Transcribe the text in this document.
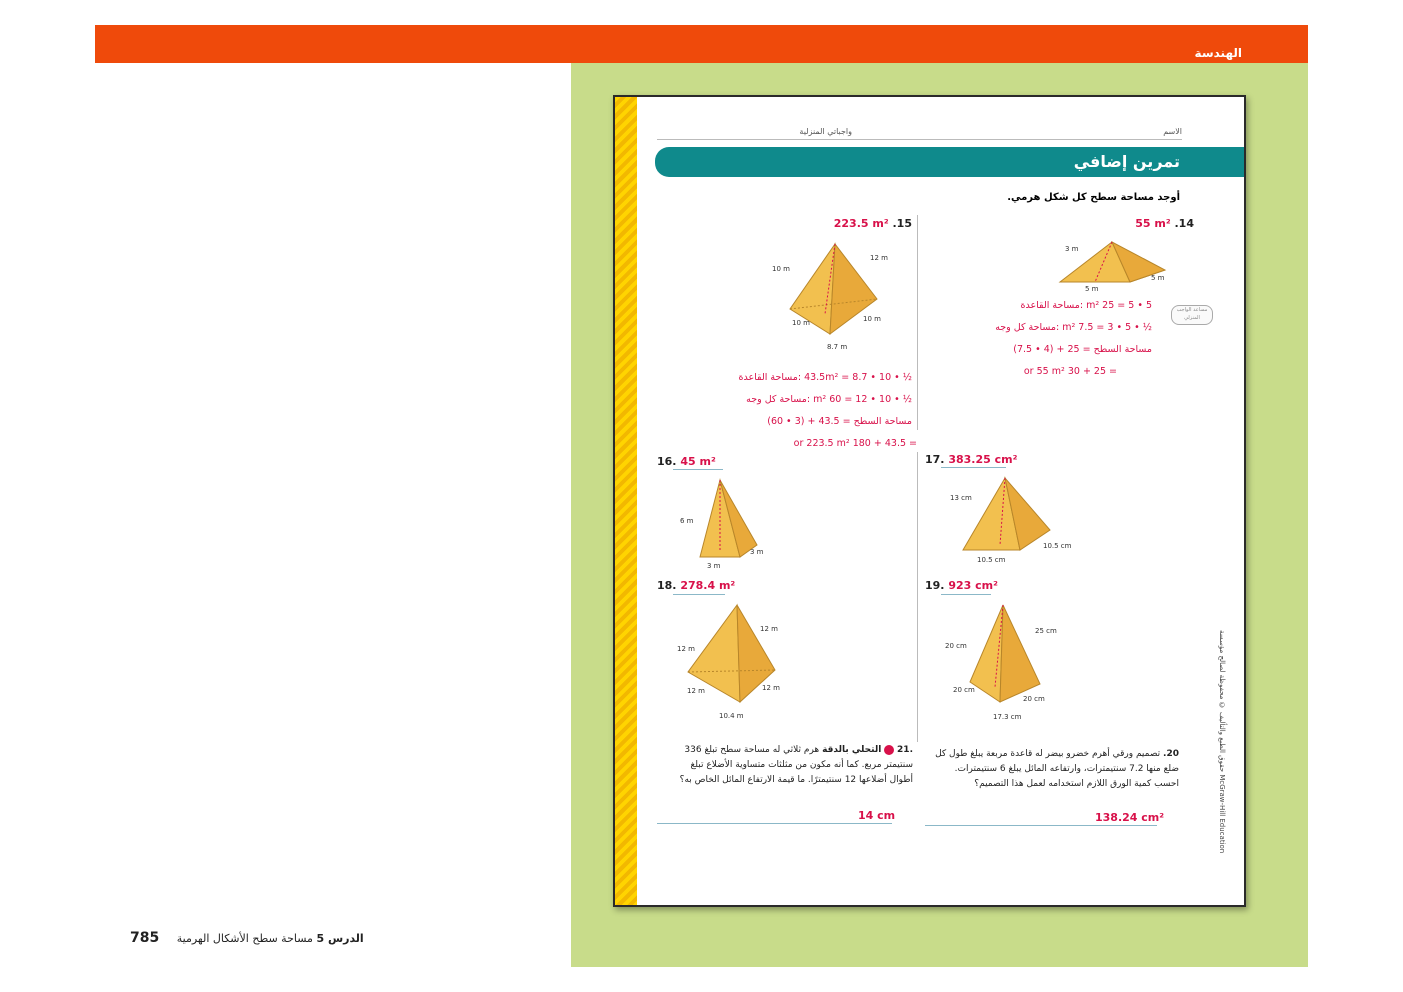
الهندسة
الاسم
واجباتي المنزلية
تمرين إضافي
أوجد مساحة سطح كل شكل هرمي.
55 m² .14
3 m
5 m
5 m
مساعد الواجب المنزلي
5 • 5 = 25 m² :مساحة القاعدة
½ • 5 • 3 = 7.5 m² :مساحة كل وجه
مساحة السطح = 25 + (4 • 7.5)
= 25 + 30 or 55 m²
223.5 m² .15
10 m
12 m
10 m	10 m
8.7 m
½ • 10 • 8.7 = 43.5m² :مساحة القاعدة
½ • 10 • 12 = 60 m² :مساحة كل وجه
مساحة السطح = 43.5 + (3 • 60)
= 43.5 + 180 or 223.5 m²
16. 45 m²
6 m
3 m
3 m
17. 383.25 cm²
13 cm
10.5 cm
10.5 cm
18. 278.4 m²
12 m
12 m
12 m	12 m
10.4 m
19. 923 cm²
25 cm
20 cm
20 cm
20 cm
17.3 cm
20. تصميم ورقي أهرم خضرو بيضر له قاعدة مربعة يبلغ طول كل ضلع منها 7.2 سنتيمترات، وارتفاعه المائل يبلغ 6 سنتيمترات. احسب كمية الورق اللازم استخدامه لعمل هذا التصميم؟
138.24 cm²
.21  التحلي بالدقة هرم ثلاثي له مساحة سطح تبلغ 336 سنتيمتر مربع. كما أنه مكون من مثلثات متساوية الأضلاع تبلغ أطوال أضلاعها 12 سنتيمترًا. ما قيمة الارتفاع المائل الخاص به؟
14 cm
حقوق الطبع والتأليف © محفوظة لصالح مؤسسة McGraw-Hill Education
الدرس 5 مساحة سطح الأشكال الهرمية 785
